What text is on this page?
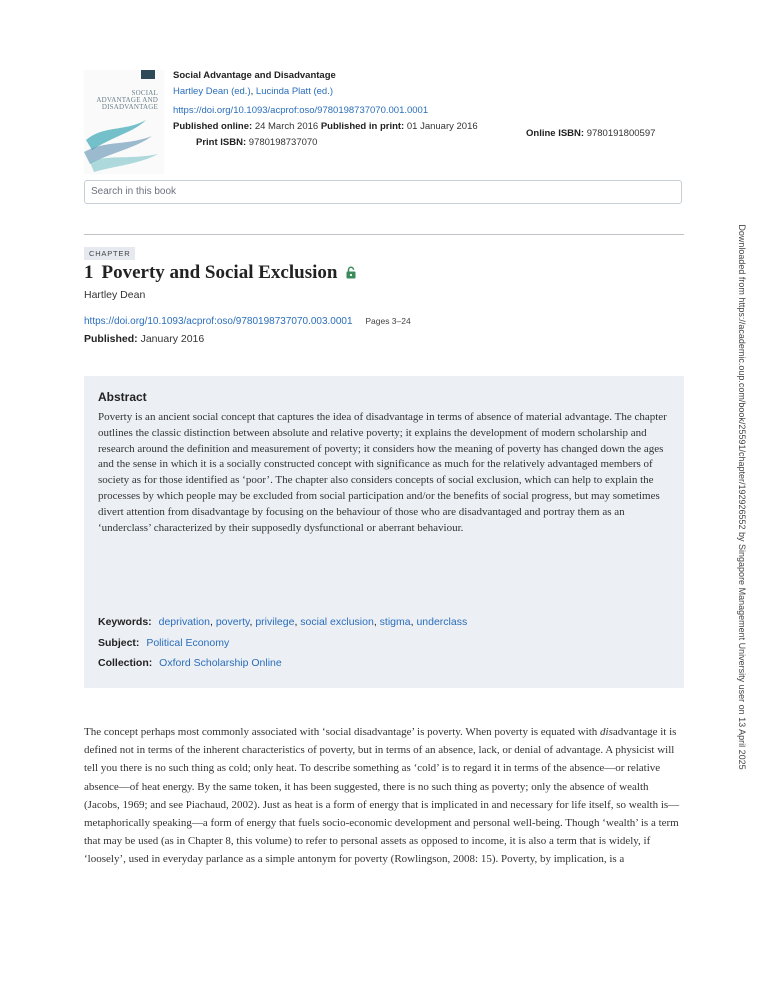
SOCIAL ADVANTAGE AND DISADVANTAGE
Social Advantage and Disadvantage
Hartley Dean (ed.), Lucinda Platt (ed.)
https://doi.org/10.1093/acprof:oso/9780198737070.001.0001
Published online: 24 March 2016 Published in print: 01 January 2016
Online ISBN: 9780191800597
Print ISBN: 9780198737070
Search in this book
CHAPTER
1 Poverty and Social Exclusion
Hartley Dean
https://doi.org/10.1093/acprof:oso/9780198737070.003.0001 Pages 3–24
Published: January 2016
Abstract

Poverty is an ancient social concept that captures the idea of disadvantage in terms of absence of material advantage. The chapter outlines the classic distinction between absolute and relative poverty; it explains the development of modern scholarship and research around the definition and measurement of poverty; it considers how the meaning of poverty has changed down the ages and the sense in which it is a socially constructed concept with significance as much for the relatively advantaged members of society as for those identified as ‘poor’. The chapter also considers concepts of social exclusion, which can help to explain the processes by which people may be excluded from social participation and/or the benefits of social progress, but may sometimes divert attention from disadvantage by focusing on the behaviour of those who are disadvantaged and portray them as an ‘underclass’ characterized by their supposedly dysfunctional or aberrant behaviour.

Keywords: deprivation, poverty, privilege, social exclusion, stigma, underclass
Subject: Political Economy
Collection: Oxford Scholarship Online

The concept perhaps most commonly associated with ‘social disadvantage’ is poverty. When poverty is equated with disadvantage it is defined not in terms of the inherent characteristics of poverty, but in terms of an absence, lack, or denial of advantage. A physicist will tell you there is no such thing as cold; only heat. To describe something as ‘cold’ is to regard it in terms of the absence—or relative absence—of heat energy. By the same token, it has been suggested, there is no such thing as poverty; only the absence of wealth (Jacobs, 1969; and see Piachaud, 2002). Just as heat is a form of energy that is implicated in and necessary for life itself, so wealth is—metaphorically speaking—a form of energy that fuels socio-economic development and personal well-being. Though ‘wealth’ is a term that may be used (as in Chapter 8, this volume) to refer to personal assets as opposed to income, it is also a term that is widely, if ‘loosely’, used in everyday parlance as a simple antonym for poverty (Rowlingson, 2008: 15). Poverty, by implication, is a

Downloaded from https://academic.oup.com/book/25591/chapter/192926552 by Singapore Management University user on 13 April 2025
